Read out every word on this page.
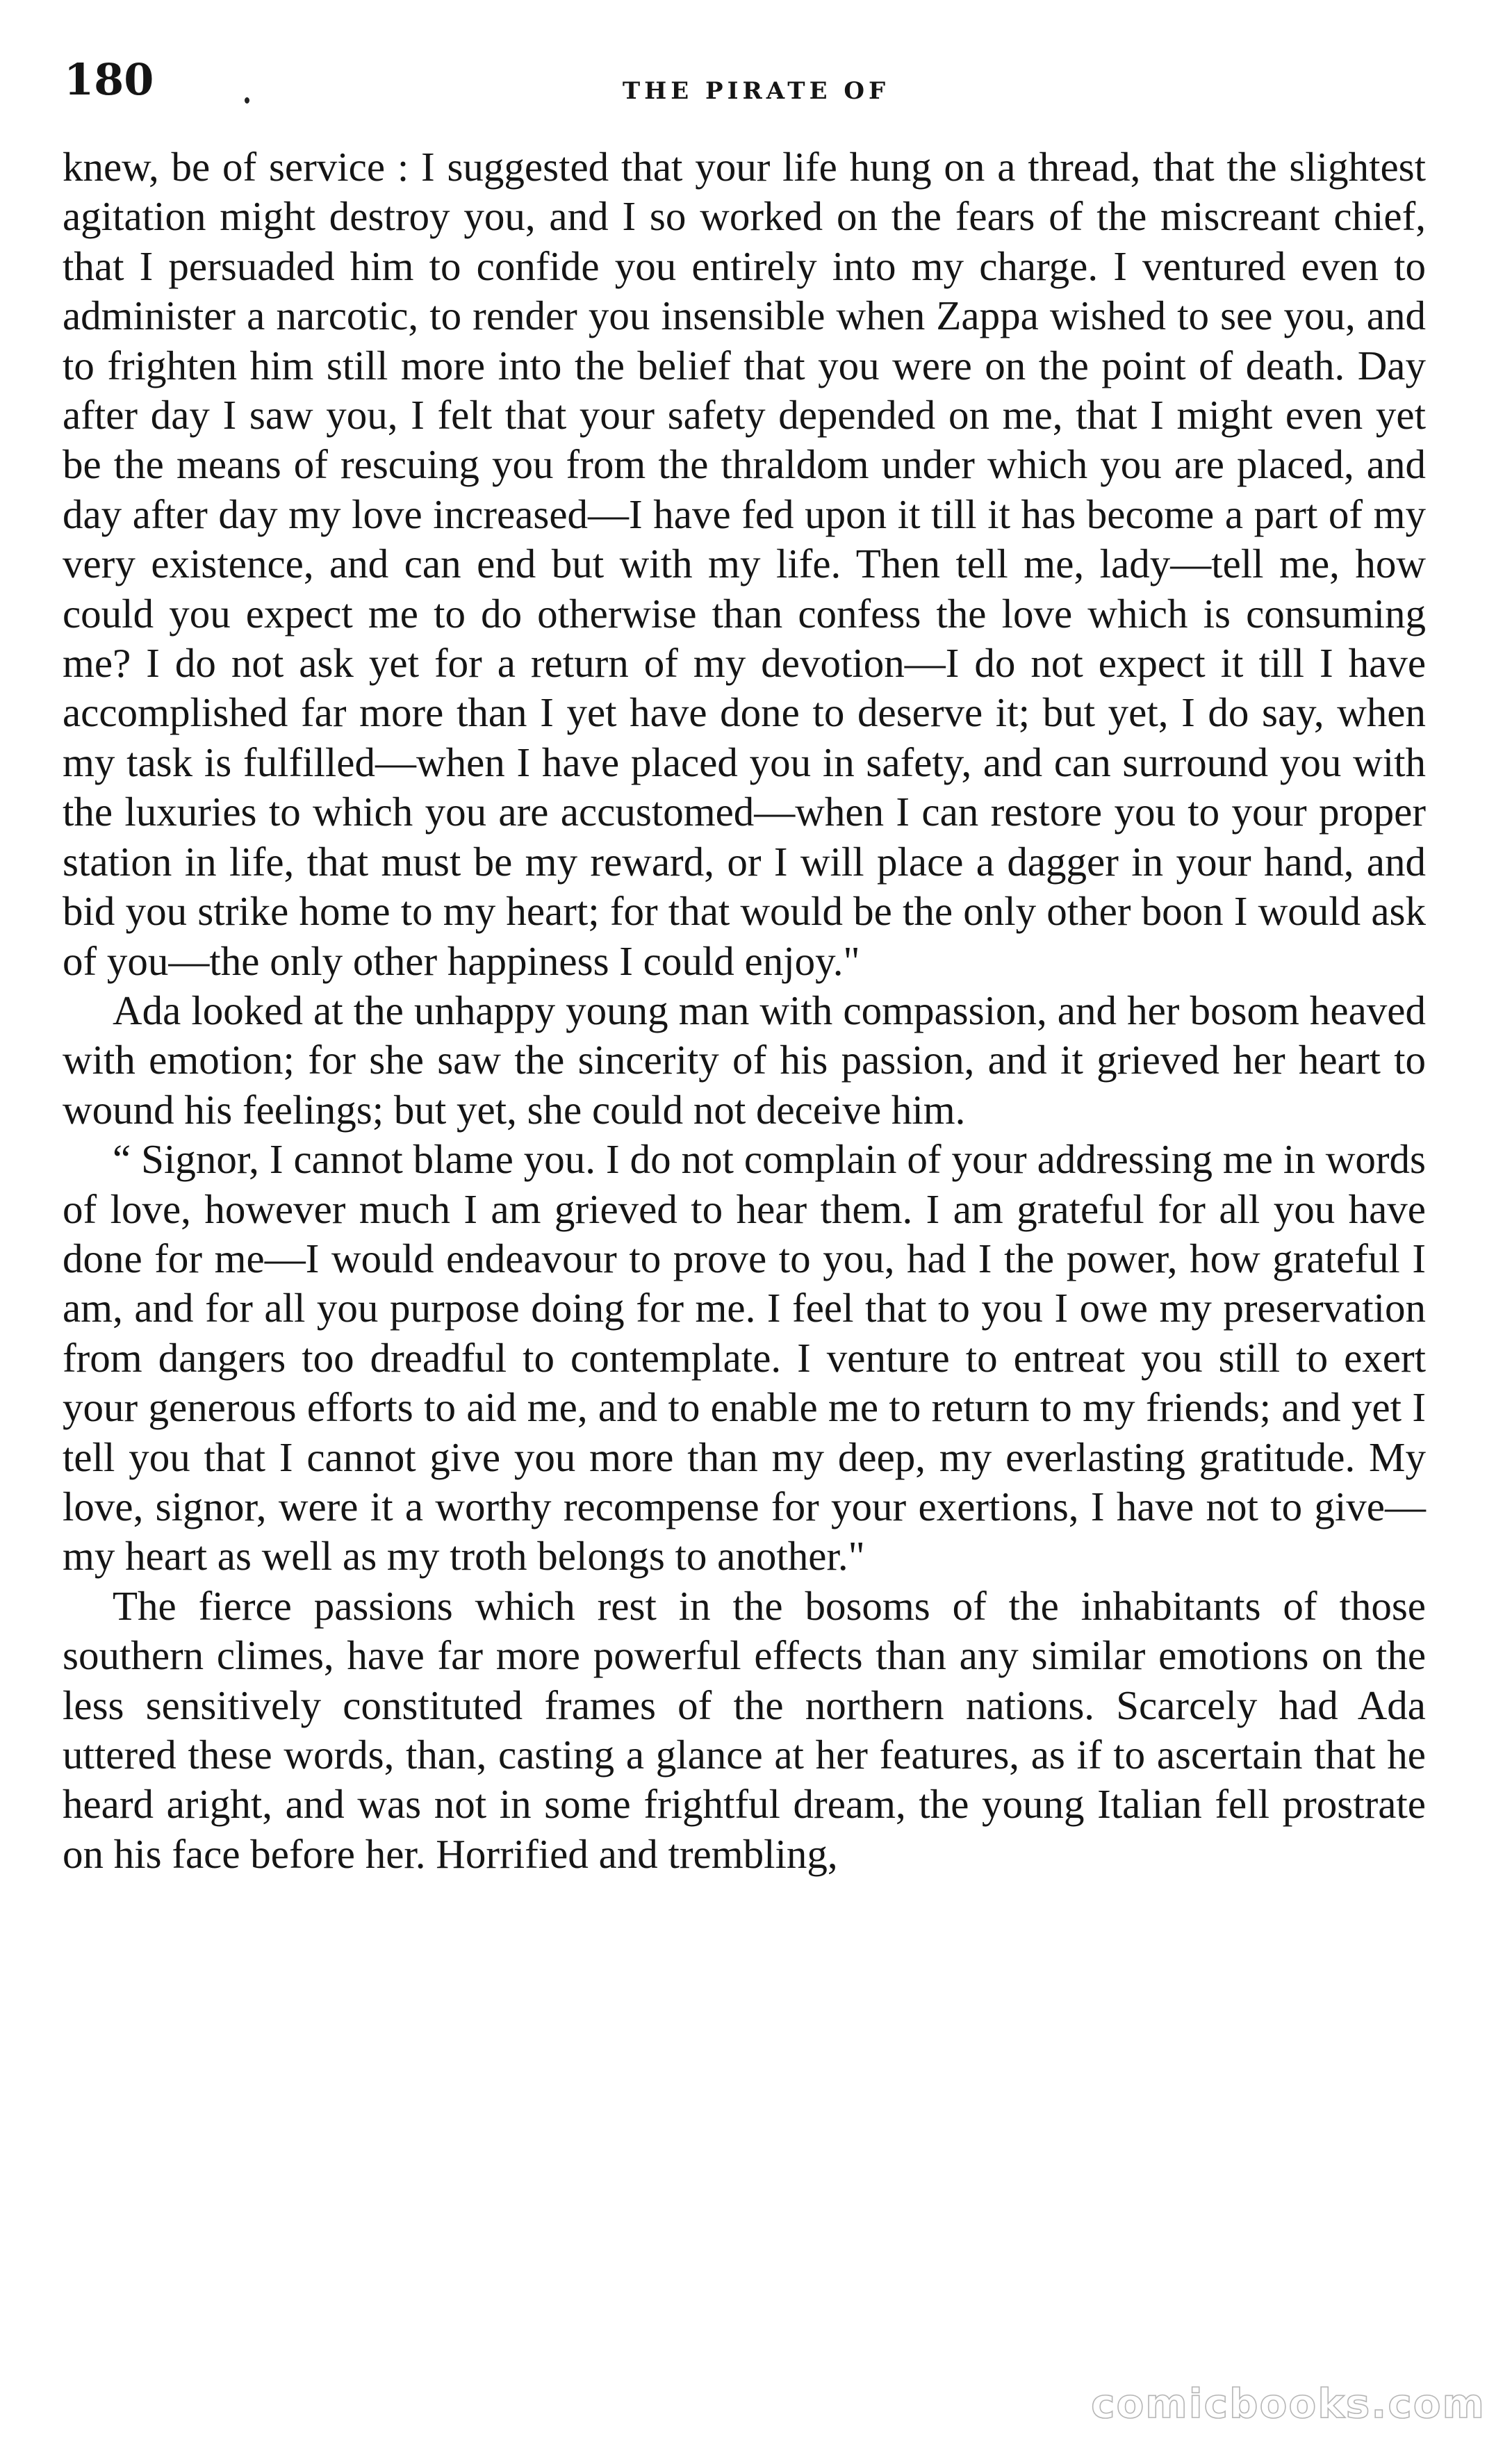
180	THE PIRATE OF

knew, be of service : I suggested that your life hung on a thread, that the slightest agitation might destroy you, and I so worked on the fears of the miscreant chief, that I persuaded him to confide you entirely into my charge. I ventured even to administer a narcotic, to render you insensible when Zappa wished to see you, and to frighten him still more into the belief that you were on the point of death. Day after day I saw you, I felt that your safety depended on me, that I might even yet be the means of rescuing you from the thraldom under which you are placed, and day after day my love increased—I have fed upon it till it has become a part of my very existence, and can end but with my life. Then tell me, lady—tell me, how could you expect me to do otherwise than confess the love which is consuming me? I do not ask yet for a return of my devotion—I do not expect it till I have accomplished far more than I yet have done to deserve it; but yet, I do say, when my task is fulfilled—when I have placed you in safety, and can surround you with the luxuries to which you are accustomed—when I can restore you to your proper station in life, that must be my reward, or I will place a dagger in your hand, and bid you strike home to my heart; for that would be the only other boon I would ask of you—the only other happiness I could enjoy."

Ada looked at the unhappy young man with compassion, and her bosom heaved with emotion; for she saw the sincerity of his passion, and it grieved her heart to wound his feelings; but yet, she could not deceive him.

“ Signor, I cannot blame you. I do not complain of your addressing me in words of love, however much I am grieved to hear them. I am grateful for all you have done for me—I would endeavour to prove to you, had I the power, how grateful I am, and for all you purpose doing for me. I feel that to you I owe my preservation from dangers too dreadful to contemplate. I venture to entreat you still to exert your generous efforts to aid me, and to enable me to return to my friends; and yet I tell you that I cannot give you more than my deep, my everlasting gratitude. My love, signor, were it a worthy recompense for your exertions, I have not to give—my heart as well as my troth belongs to another."

The fierce passions which rest in the bosoms of the inhabitants of those southern climes, have far more powerful effects than any similar emotions on the less sensitively constituted frames of the northern nations. Scarcely had Ada uttered these words, than, casting a glance at her features, as if to ascertain that he heard aright, and was not in some frightful dream, the young Italian fell prostrate on his face before her. Horrified and trembling,

comicbooks.com
